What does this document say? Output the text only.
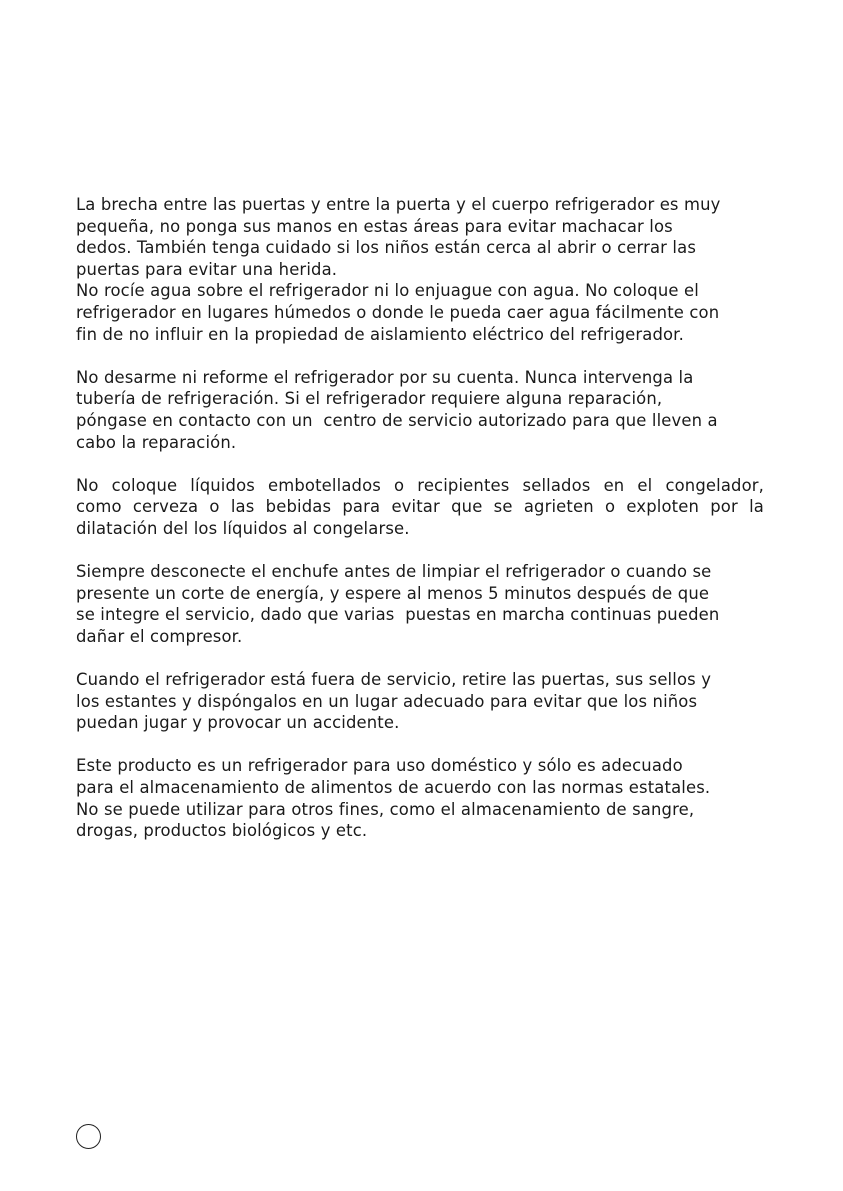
La brecha entre las puertas y entre la puerta y el cuerpo refrigerador es muy
pequeña, no ponga sus manos en estas áreas para evitar machacar los
dedos. También tenga cuidado si los niños están cerca al abrir o cerrar las
puertas para evitar una herida.

No rocíe agua sobre el refrigerador ni lo enjuague con agua. No coloque el
refrigerador en lugares húmedos o donde le pueda caer agua fácilmente con
fin de no influir en la propiedad de aislamiento eléctrico del refrigerador.

No desarme ni reforme el refrigerador por su cuenta. Nunca intervenga la
tubería de refrigeración. Si el refrigerador requiere alguna reparación,
póngase en contacto con un  centro de servicio autorizado para que lleven a
cabo la reparación.

No coloque líquidos embotellados o recipientes sellados en el congelador,
como cerveza o las bebidas para evitar que se agrieten o exploten por la
dilatación del los líquidos al congelarse.

Siempre desconecte el enchufe antes de limpiar el refrigerador o cuando se
presente un corte de energía, y espere al menos 5 minutos después de que
se integre el servicio, dado que varias  puestas en marcha continuas pueden
dañar el compresor.

Cuando el refrigerador está fuera de servicio, retire las puertas, sus sellos y
los estantes y dispóngalos en un lugar adecuado para evitar que los niños
puedan jugar y provocar un accidente.

Este producto es un refrigerador para uso doméstico y sólo es adecuado
para el almacenamiento de alimentos de acuerdo con las normas estatales.
No se puede utilizar para otros fines, como el almacenamiento de sangre,
drogas, productos biológicos y etc.
